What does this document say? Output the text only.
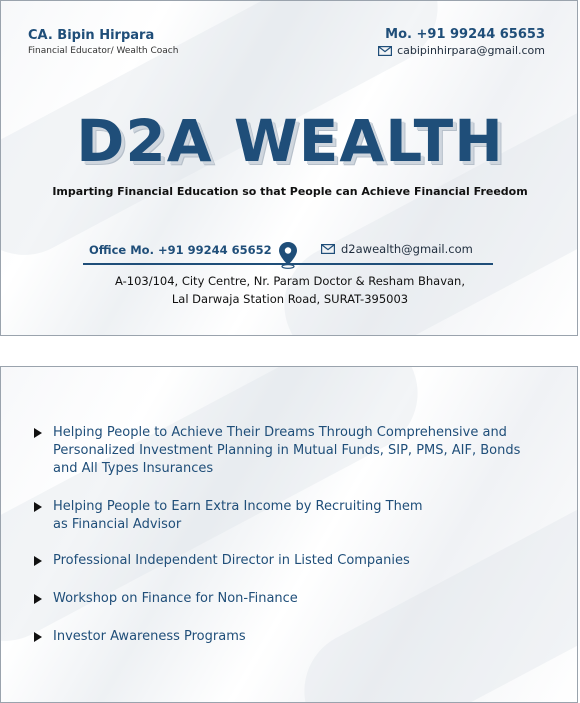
CA. Bipin Hirpara
Financial Educator/ Wealth Coach
Mo. +91 99244 65653
cabipinhirpara@gmail.com
D2A WEALTH
Imparting Financial Education so that People can Achieve Financial Freedom
Office Mo. +91 99244 65652	d2awealth@gmail.com
A-103/104, City Centre, Nr. Param Doctor & Resham Bhavan,
Lal Darwaja Station Road, SURAT-395003
Helping People to Achieve Their Dreams Through Comprehensive and
Personalized Investment Planning in Mutual Funds, SIP, PMS, AIF, Bonds
and All Types Insurances
Helping People to Earn Extra Income by Recruiting Them
as Financial Advisor
Professional Independent Director in Listed Companies
Workshop on Finance for Non-Finance
Investor Awareness Programs
